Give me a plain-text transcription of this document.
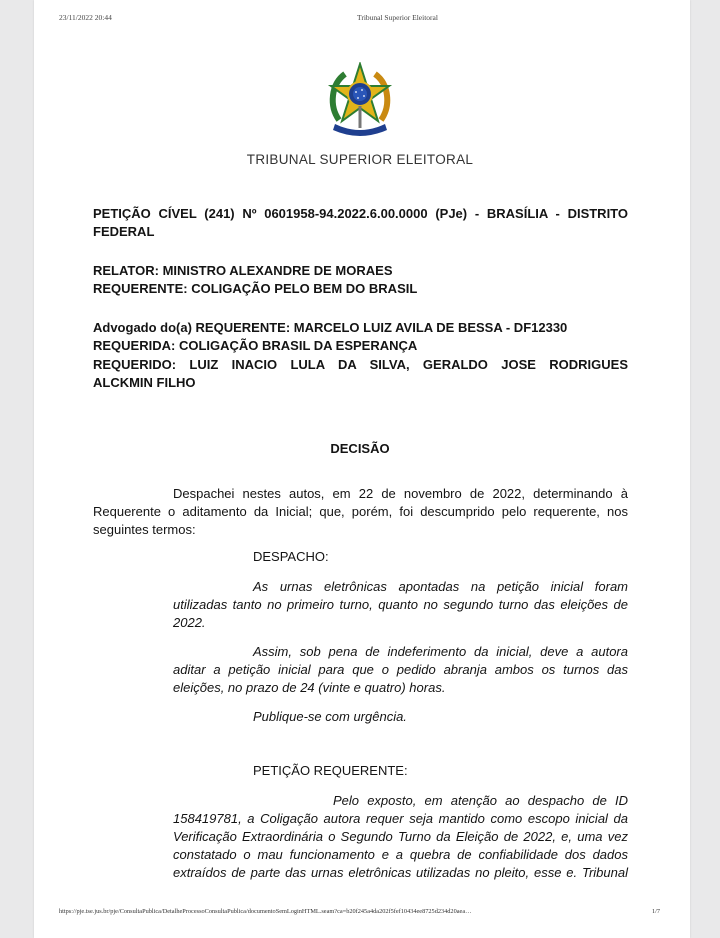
23/11/2022 20:44	Tribunal Superior Eleitoral
TRIBUNAL SUPERIOR ELEITORAL
PETIÇÃO CÍVEL (241) Nº 0601958-94.2022.6.00.0000 (PJe) - BRASÍLIA - DISTRITO
FEDERAL
RELATOR: MINISTRO ALEXANDRE DE MORAES
REQUERENTE: COLIGAÇÃO PELO BEM DO BRASIL
Advogado do(a) REQUERENTE: MARCELO LUIZ AVILA DE BESSA - DF12330
REQUERIDA: COLIGAÇÃO BRASIL DA ESPERANÇA
REQUERIDO: LUIZ INACIO LULA DA SILVA, GERALDO JOSE RODRIGUES
ALCKMIN FILHO
DECISÃO
Despachei nestes autos, em 22 de novembro de 2022, determinando à
Requerente o aditamento da Inicial; que, porém, foi descumprido pelo requerente, nos
seguintes termos:
DESPACHO:
As urnas eletrônicas apontadas na petição inicial foram
utilizadas tanto no primeiro turno, quanto no segundo turno das eleições de
2022.
Assim, sob pena de indeferimento da inicial, deve a autora
aditar a petição inicial para que o pedido abranja ambos os turnos das
eleições, no prazo de 24 (vinte e quatro) horas.
Publique-se com urgência.
PETIÇÃO REQUERENTE:
Pelo exposto, em atenção ao despacho de ID
158419781, a Coligação autora requer seja mantido como escopo inicial da
Verificação Extraordinária o Segundo Turno da Eleição de 2022, e, uma vez
constatado o mau funcionamento e a quebra de confiabilidade dos dados
extraídos de parte das urnas eletrônicas utilizadas no pleito, esse e. Tribunal
https://pje.tse.jus.br/pje/ConsultaPublica/DetalheProcessoConsultaPublica/documentoSemLoginHTML.seam?ca=b20f245a4da202f5fef10434ee8725d234d20aea…	1/7
